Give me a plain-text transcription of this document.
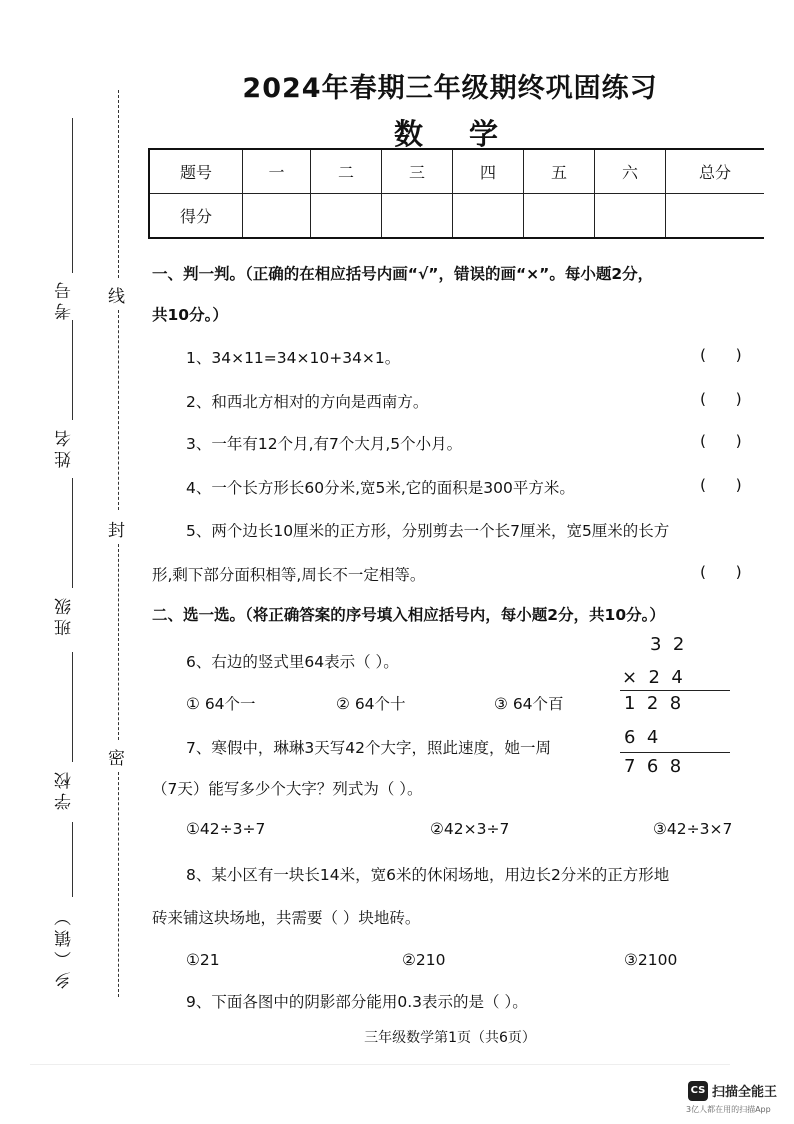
2024年春期三年级期终巩固练习
数 学
题号	一	二	三	四	五	六	总分
得分							
考号
姓名
班级
学校
乡（镇）
线
封
密
一、判一判。（正确的在相应括号内画“√”，错误的画“×”。每小题2分，
共10分。）
1、34×11=34×10+34×1。	(      )
2、和西北方相对的方向是西南方。	(      )
3、一年有12个月,有7个大月,5个小月。	(      )
4、一个长方形长60分米,宽5米,它的面积是300平方米。	(      )
5、两个边长10厘米的正方形，分别剪去一个长7厘米，宽5厘米的长方
形,剩下部分面积相等,周长不一定相等。	(      )
二、选一选。（将正确答案的序号填入相应括号内，每小题2分，共10分。）
6、右边的竖式里64表示（ ）。
① 64个一	② 64个十	③ 64个百
3  2
×  2  4
1  2  8
6  4
7  6  8
7、寒假中，琳琳3天写42个大字，照此速度，她一周
（7天）能写多少个大字？列式为（ ）。
①42÷3÷7	②42×3÷7	③42÷3×7
8、某小区有一块长14米，宽6米的休闲场地，用边长2分米的正方形地
砖来铺这块场地，共需要（ ）块地砖。
①21	②210	③2100
9、下面各图中的阴影部分能用0.3表示的是（ ）。
三年级数学第1页（共6页）
CS 扫描全能王
3亿人都在用的扫描App
